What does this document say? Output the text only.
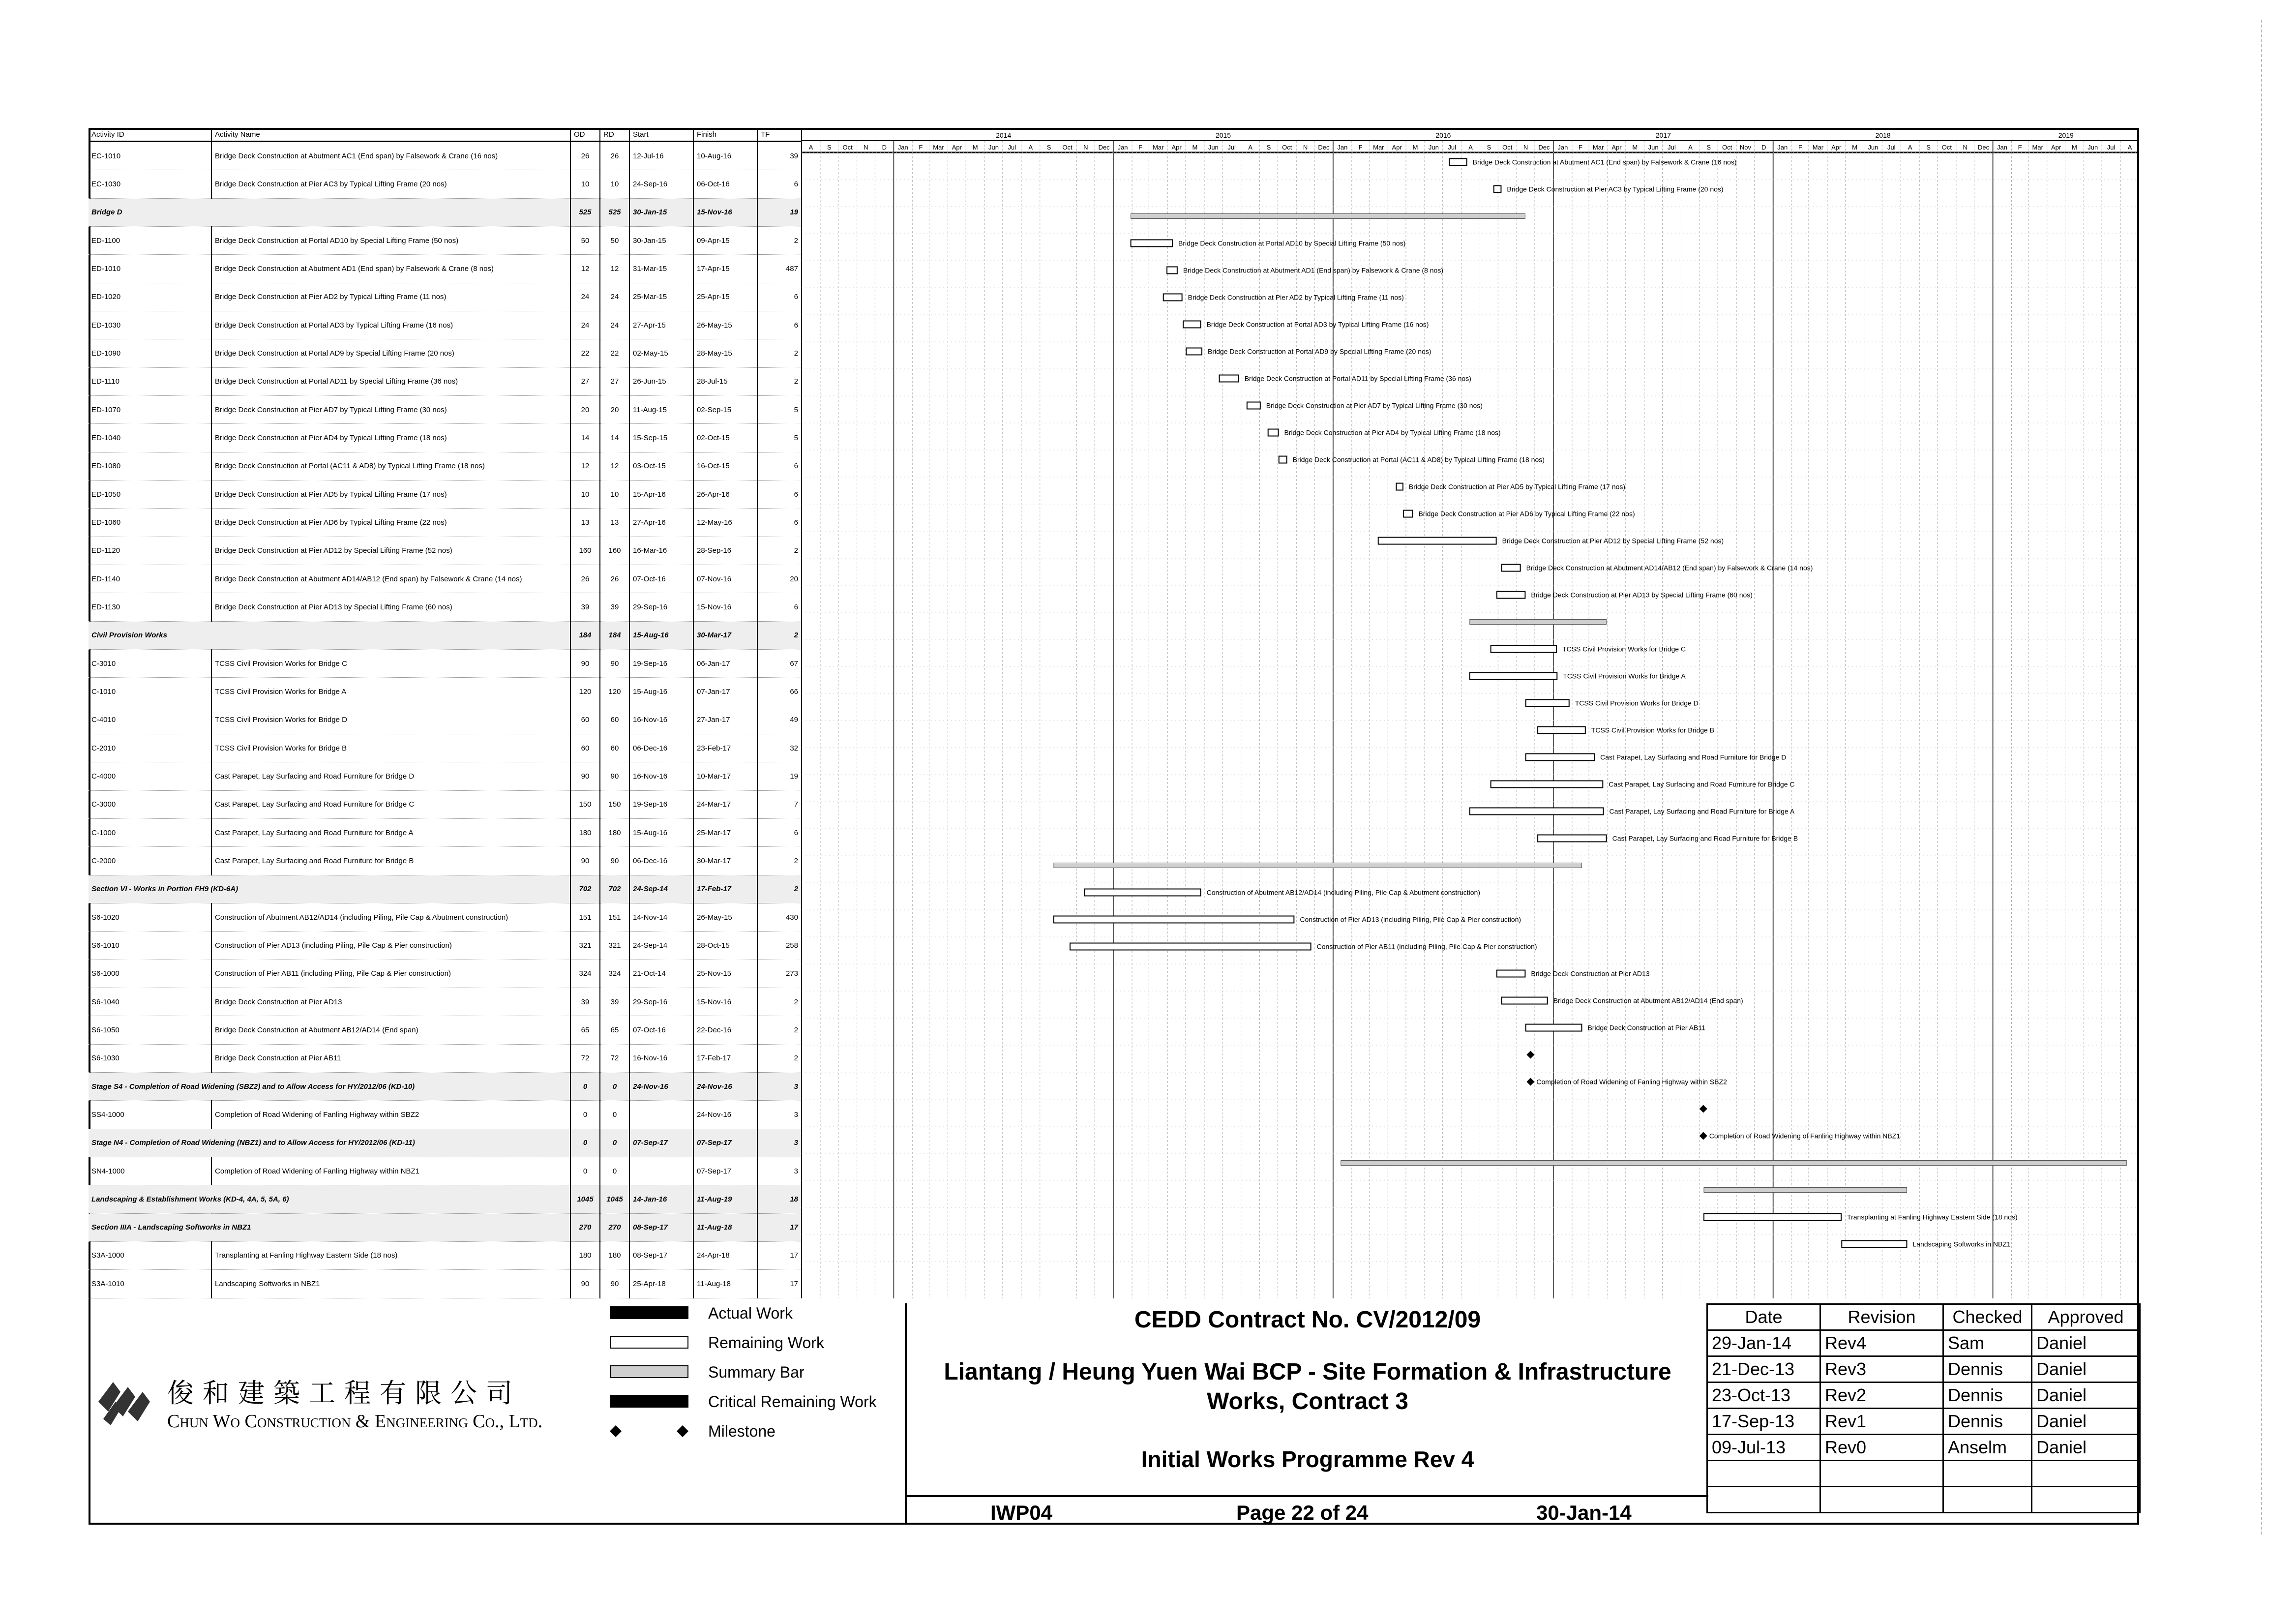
Activity ID	Activity Name	OD	RD	Start	Finish	TF
EC-1010	Bridge Deck Construction at Abutment AC1 (End span) by Falsework & Crane (16 nos)	26	26	12-Jul-16	10-Aug-16	39
EC-1030	Bridge Deck Construction at Pier AC3 by Typical Lifting Frame (20 nos)	10	10	24-Sep-16	06-Oct-16	6
Bridge D		525	525	30-Jan-15	15-Nov-16	19
ED-1100	Bridge Deck Construction at Portal AD10 by Special Lifting Frame (50 nos)	50	50	30-Jan-15	09-Apr-15	2
ED-1010	Bridge Deck Construction at Abutment AD1 (End span) by Falsework & Crane (8 nos)	12	12	31-Mar-15	17-Apr-15	487
ED-1020	Bridge Deck Construction at Pier AD2 by Typical Lifting Frame (11 nos)	24	24	25-Mar-15	25-Apr-15	6
ED-1030	Bridge Deck Construction at Portal AD3 by Typical Lifting Frame (16 nos)	24	24	27-Apr-15	26-May-15	6
ED-1090	Bridge Deck Construction at Portal AD9 by Special Lifting Frame (20 nos)	22	22	02-May-15	28-May-15	2
ED-1110	Bridge Deck Construction at Portal AD11 by Special Lifting Frame (36 nos)	27	27	26-Jun-15	28-Jul-15	2
ED-1070	Bridge Deck Construction at Pier AD7 by Typical Lifting Frame (30 nos)	20	20	11-Aug-15	02-Sep-15	5
ED-1040	Bridge Deck Construction at Pier AD4 by Typical Lifting Frame (18 nos)	14	14	15-Sep-15	02-Oct-15	5
ED-1080	Bridge Deck Construction at Portal (AC11 & AD8) by Typical Lifting Frame (18 nos)	12	12	03-Oct-15	16-Oct-15	6
ED-1050	Bridge Deck Construction at Pier AD5 by Typical Lifting Frame (17 nos)	10	10	15-Apr-16	26-Apr-16	6
ED-1060	Bridge Deck Construction at Pier AD6 by Typical Lifting Frame (22 nos)	13	13	27-Apr-16	12-May-16	6
ED-1120	Bridge Deck Construction at Pier AD12 by Special Lifting Frame (52 nos)	160	160	16-Mar-16	28-Sep-16	2
ED-1140	Bridge Deck Construction at Abutment AD14/AB12 (End span) by Falsework & Crane (14 nos)	26	26	07-Oct-16	07-Nov-16	20
ED-1130	Bridge Deck Construction at Pier AD13 by Special Lifting Frame (60 nos)	39	39	29-Sep-16	15-Nov-16	6
Civil Provision Works		184	184	15-Aug-16	30-Mar-17	2
C-3010	TCSS Civil Provision Works for Bridge C	90	90	19-Sep-16	06-Jan-17	67
C-1010	TCSS Civil Provision Works for Bridge A	120	120	15-Aug-16	07-Jan-17	66
C-4010	TCSS Civil Provision Works for Bridge D	60	60	16-Nov-16	27-Jan-17	49
C-2010	TCSS Civil Provision Works for Bridge B	60	60	06-Dec-16	23-Feb-17	32
C-4000	Cast Parapet, Lay Surfacing and Road Furniture for Bridge D	90	90	16-Nov-16	10-Mar-17	19
C-3000	Cast Parapet, Lay Surfacing and Road Furniture for Bridge C	150	150	19-Sep-16	24-Mar-17	7
C-1000	Cast Parapet, Lay Surfacing and Road Furniture for Bridge A	180	180	15-Aug-16	25-Mar-17	6
C-2000	Cast Parapet, Lay Surfacing and Road Furniture for Bridge B	90	90	06-Dec-16	30-Mar-17	2
Section VI - Works in Portion FH9 (KD-6A)		702	702	24-Sep-14	17-Feb-17	2
S6-1020	Construction of Abutment AB12/AD14 (including Piling, Pile Cap & Abutment construction)	151	151	14-Nov-14	26-May-15	430
S6-1010	Construction of Pier AD13 (including Piling, Pile Cap & Pier construction)	321	321	24-Sep-14	28-Oct-15	258
S6-1000	Construction of Pier AB11 (including Piling, Pile Cap & Pier construction)	324	324	21-Oct-14	25-Nov-15	273
S6-1040	Bridge Deck Construction at Pier AD13	39	39	29-Sep-16	15-Nov-16	2
S6-1050	Bridge Deck Construction at Abutment AB12/AD14 (End span)	65	65	07-Oct-16	22-Dec-16	2
S6-1030	Bridge Deck Construction at Pier AB11	72	72	16-Nov-16	17-Feb-17	2
Stage S4 - Completion of Road Widening (SBZ2) and to Allow Access for HY/2012/06 (KD-10)		0	0	24-Nov-16	24-Nov-16	3
SS4-1000	Completion of Road Widening of Fanling Highway within SBZ2	0	0		24-Nov-16	3
Stage N4 - Completion of Road Widening (NBZ1) and to Allow Access for HY/2012/06 (KD-11)		0	0	07-Sep-17	07-Sep-17	3
SN4-1000	Completion of Road Widening of Fanling Highway within NBZ1	0	0		07-Sep-17	3
Landscaping & Establishment Works (KD-4, 4A, 5, 5A, 6)		1045	1045	14-Jan-16	11-Aug-19	18
Section IIIA - Landscaping Softworks in NBZ1		270	270	08-Sep-17	11-Aug-18	17
S3A-1000	Transplanting at Fanling Highway Eastern Side (18 nos)	180	180	08-Sep-17	24-Apr-18	17
S3A-1010	Landscaping Softworks in NBZ1	90	90	25-Apr-18	11-Aug-18	17
A S Oct N D Jan F Mar Apr M Jun Jul A S Oct N Dec Jan F Mar Apr M Jun Jul A S Oct N Dec Jan F Mar Apr M Jun Jul A S Oct N Dec Jan F Mar Apr M Jun Jul A S Oct Nov D Jan F Mar Apr M Jun Jul A S Oct N Dec Jan F Mar Apr M Jun Jul A
2014	2015	2016	2017	2018	2019
Bridge Deck Construction at Abutment AC1 (End span) by Falsework & Crane (16 nos)
Bridge Deck Construction at Pier AC3 by Typical Lifting Frame (20 nos)
Bridge Deck Construction at Portal AD10 by Special Lifting Frame (50 nos)
Bridge Deck Construction at Abutment AD1 (End span) by Falsework & Crane (8 nos)
Bridge Deck Construction at Pier AD2 by Typical Lifting Frame (11 nos)
Bridge Deck Construction at Portal AD3 by Typical Lifting Frame (16 nos)
Bridge Deck Construction at Portal AD9 by Special Lifting Frame (20 nos)
Bridge Deck Construction at Portal AD11 by Special Lifting Frame (36 nos)
Bridge Deck Construction at Pier AD7 by Typical Lifting Frame (30 nos)
Bridge Deck Construction at Pier AD4 by Typical Lifting Frame (18 nos)
Bridge Deck Construction at Portal (AC11 & AD8) by Typical Lifting Frame (18 nos)
Bridge Deck Construction at Pier AD5 by Typical Lifting Frame (17 nos)
Bridge Deck Construction at Pier AD6 by Typical Lifting Frame (22 nos)
Bridge Deck Construction at Pier AD12 by Special Lifting Frame (52 nos)
Bridge Deck Construction at Abutment AD14/AB12 (End span) by Falsework & Crane (14 nos)
Bridge Deck Construction at Pier AD13 by Special Lifting Frame (60 nos)
TCSS Civil Provision Works for Bridge C
TCSS Civil Provision Works for Bridge A
TCSS Civil Provision Works for Bridge D
TCSS Civil Provision Works for Bridge B
Cast Parapet, Lay Surfacing and Road Furniture for Bridge D
Cast Parapet, Lay Surfacing and Road Furniture for Bridge C
Cast Parapet, Lay Surfacing and Road Furniture for Bridge A
Cast Parapet, Lay Surfacing and Road Furniture for Bridge B
Construction of Abutment AB12/AD14 (including Piling, Pile Cap & Abutment construction)
Construction of Pier AD13 (including Piling, Pile Cap & Pier construction)
Construction of Pier AB11 (including Piling, Pile Cap & Pier construction)
Bridge Deck Construction at Pier AD13
Bridge Deck Construction at Abutment AB12/AD14 (End span)
Bridge Deck Construction at Pier AB11
Completion of Road Widening of Fanling Highway within SBZ2
Completion of Road Widening of Fanling Highway within NBZ1
Transplanting at Fanling Highway Eastern Side (18 nos)
Landscaping Softworks in NBZ1
Actual Work
Remaining Work
Summary Bar
Critical Remaining Work
Milestone
俊和建築工程有限公司
Chun Wo Construction & Engineering Co., Ltd.
CEDD Contract No. CV/2012/09
Liantang / Heung Yuen Wai BCP - Site Formation & Infrastructure Works, Contract 3
Initial Works Programme Rev 4
IWP04	Page 22 of 24	30-Jan-14
Date	Revision	Checked	Approved
29-Jan-14	Rev4	Sam	Daniel
21-Dec-13	Rev3	Dennis	Daniel
23-Oct-13	Rev2	Dennis	Daniel
17-Sep-13	Rev1	Dennis	Daniel
09-Jul-13	Rev0	Anselm	Daniel
